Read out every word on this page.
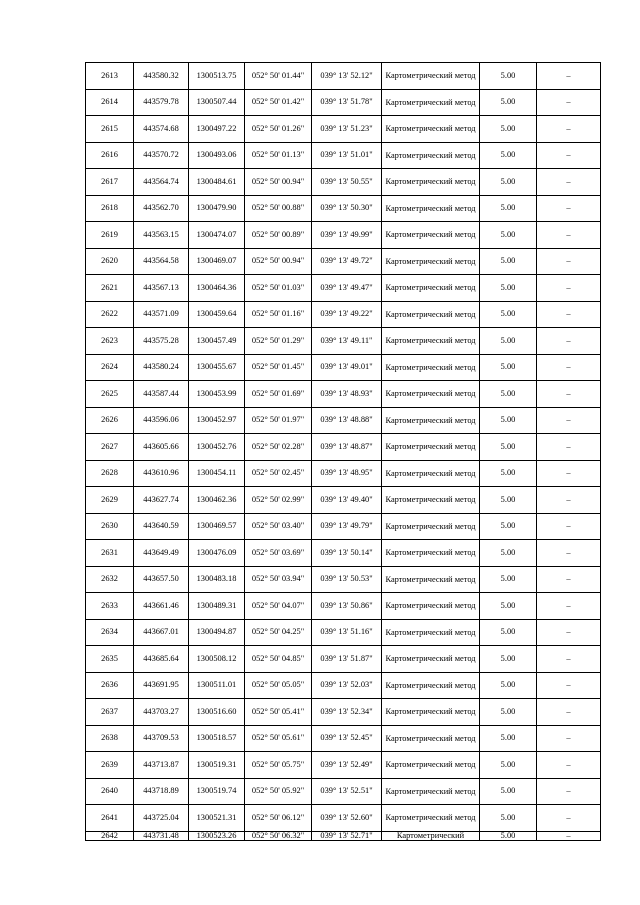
2613	443580.32	1300513.75	052° 50' 01.44"	039° 13' 52.12"	Картометрический метод	5.00	–
2614	443579.78	1300507.44	052° 50' 01.42"	039° 13' 51.78"	Картометрический метод	5.00	–
2615	443574.68	1300497.22	052° 50' 01.26"	039° 13' 51.23"	Картометрический метод	5.00	–
2616	443570.72	1300493.06	052° 50' 01.13"	039° 13' 51.01"	Картометрический метод	5.00	–
2617	443564.74	1300484.61	052° 50' 00.94"	039° 13' 50.55"	Картометрический метод	5.00	–
2618	443562.70	1300479.90	052° 50' 00.88"	039° 13' 50.30"	Картометрический метод	5.00	–
2619	443563.15	1300474.07	052° 50' 00.89"	039° 13' 49.99"	Картометрический метод	5.00	–
2620	443564.58	1300469.07	052° 50' 00.94"	039° 13' 49.72"	Картометрический метод	5.00	–
2621	443567.13	1300464.36	052° 50' 01.03"	039° 13' 49.47"	Картометрический метод	5.00	–
2622	443571.09	1300459.64	052° 50' 01.16"	039° 13' 49.22"	Картометрический метод	5.00	–
2623	443575.28	1300457.49	052° 50' 01.29"	039° 13' 49.11"	Картометрический метод	5.00	–
2624	443580.24	1300455.67	052° 50' 01.45"	039° 13' 49.01"	Картометрический метод	5.00	–
2625	443587.44	1300453.99	052° 50' 01.69"	039° 13' 48.93"	Картометрический метод	5.00	–
2626	443596.06	1300452.97	052° 50' 01.97"	039° 13' 48.88"	Картометрический метод	5.00	–
2627	443605.66	1300452.76	052° 50' 02.28"	039° 13' 48.87"	Картометрический метод	5.00	–
2628	443610.96	1300454.11	052° 50' 02.45"	039° 13' 48.95"	Картометрический метод	5.00	–
2629	443627.74	1300462.36	052° 50' 02.99"	039° 13' 49.40"	Картометрический метод	5.00	–
2630	443640.59	1300469.57	052° 50' 03.40"	039° 13' 49.79"	Картометрический метод	5.00	–
2631	443649.49	1300476.09	052° 50' 03.69"	039° 13' 50.14"	Картометрический метод	5.00	–
2632	443657.50	1300483.18	052° 50' 03.94"	039° 13' 50.53"	Картометрический метод	5.00	–
2633	443661.46	1300489.31	052° 50' 04.07"	039° 13' 50.86"	Картометрический метод	5.00	–
2634	443667.01	1300494.87	052° 50' 04.25"	039° 13' 51.16"	Картометрический метод	5.00	–
2635	443685.64	1300508.12	052° 50' 04.85"	039° 13' 51.87"	Картометрический метод	5.00	–
2636	443691.95	1300511.01	052° 50' 05.05"	039° 13' 52.03"	Картометрический метод	5.00	–
2637	443703.27	1300516.60	052° 50' 05.41"	039° 13' 52.34"	Картометрический метод	5.00	–
2638	443709.53	1300518.57	052° 50' 05.61"	039° 13' 52.45"	Картометрический метод	5.00	–
2639	443713.87	1300519.31	052° 50' 05.75"	039° 13' 52.49"	Картометрический метод	5.00	–
2640	443718.89	1300519.74	052° 50' 05.92"	039° 13' 52.51"	Картометрический метод	5.00	–
2641	443725.04	1300521.31	052° 50' 06.12"	039° 13' 52.60"	Картометрический метод	5.00	–
2642	443731.48	1300523.26	052° 50' 06.32"	039° 13' 52.71"	Картометрический	5.00	–
